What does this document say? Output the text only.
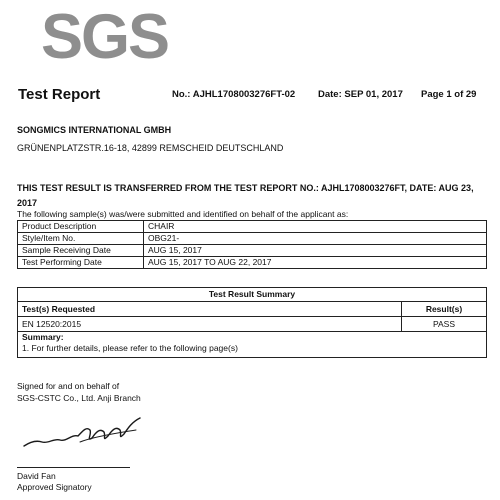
SGS
Test Report	No.: AJHL1708003276FT-02 Date: SEP 01, 2017 Page 1 of 29
SONGMICS INTERNATIONAL GMBH
GRÜNENPLATZSTR.16-18, 42899 REMSCHEID DEUTSCHLAND
THIS TEST RESULT IS TRANSFERRED FROM THE TEST REPORT NO.: AJHL1708003276FT, DATE: AUG 23, 2017
The following sample(s) was/were submitted and identified on behalf of the applicant as:
Product Description	CHAIR
Style/Item No.	OBG21-
Sample Receiving Date	AUG 15, 2017
Test Performing Date	AUG 15, 2017 TO AUG 22, 2017
Test Result Summary
Test(s) Requested	Result(s)
EN 12520:2015	PASS
Summary:
1. For further details, please refer to the following page(s)
Signed for and on behalf of
SGS-CSTC Co., Ltd. Anji Branch
David Fan
Approved Signatory
